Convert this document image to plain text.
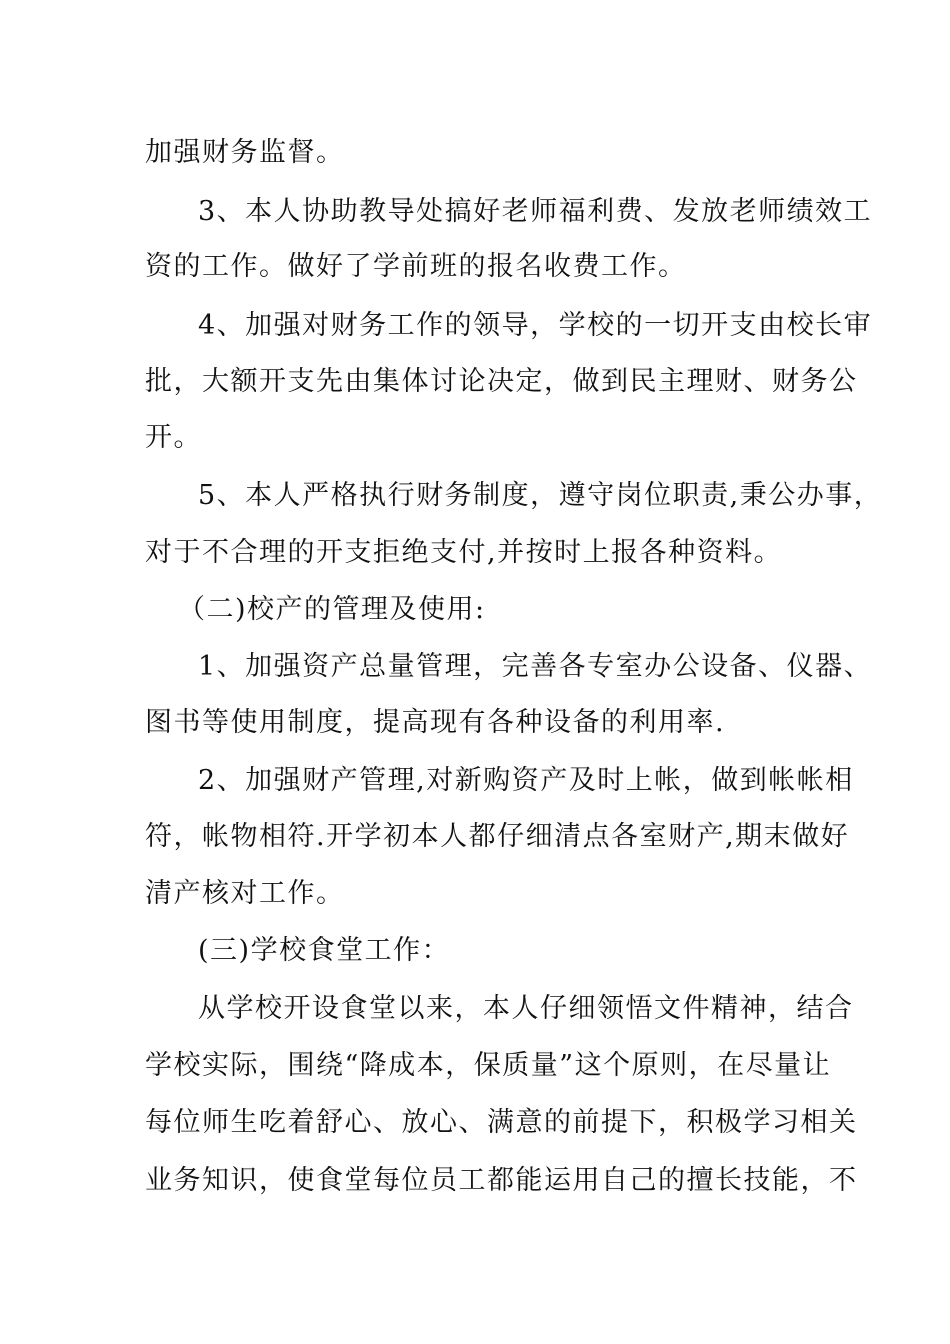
加强财务监督。
3、本人协助教导处搞好老师福利费、发放老师绩效工
资的工作。做好了学前班的报名收费工作。
4、加强对财务工作的领导，学校的一切开支由校长审
批，大额开支先由集体讨论决定，做到民主理财、财务公
开。
5、本人严格执行财务制度，遵守岗位职责,秉公办事，
对于不合理的开支拒绝支付,并按时上报各种资料。
（二)校产的管理及使用:
1、加强资产总量管理，完善各专室办公设备、仪器、
图书等使用制度，提高现有各种设备的利用率.
2、加强财产管理,对新购资产及时上帐，做到帐帐相
符，帐物相符.开学初本人都仔细清点各室财产,期末做好
清产核对工作。
(三)学校食堂工作：
从学校开设食堂以来，本人仔细领悟文件精神，结合
学校实际，围绕“降成本，保质量”这个原则，在尽量让
每位师生吃着舒心、放心、满意的前提下，积极学习相关
业务知识，使食堂每位员工都能运用自己的擅长技能，不
